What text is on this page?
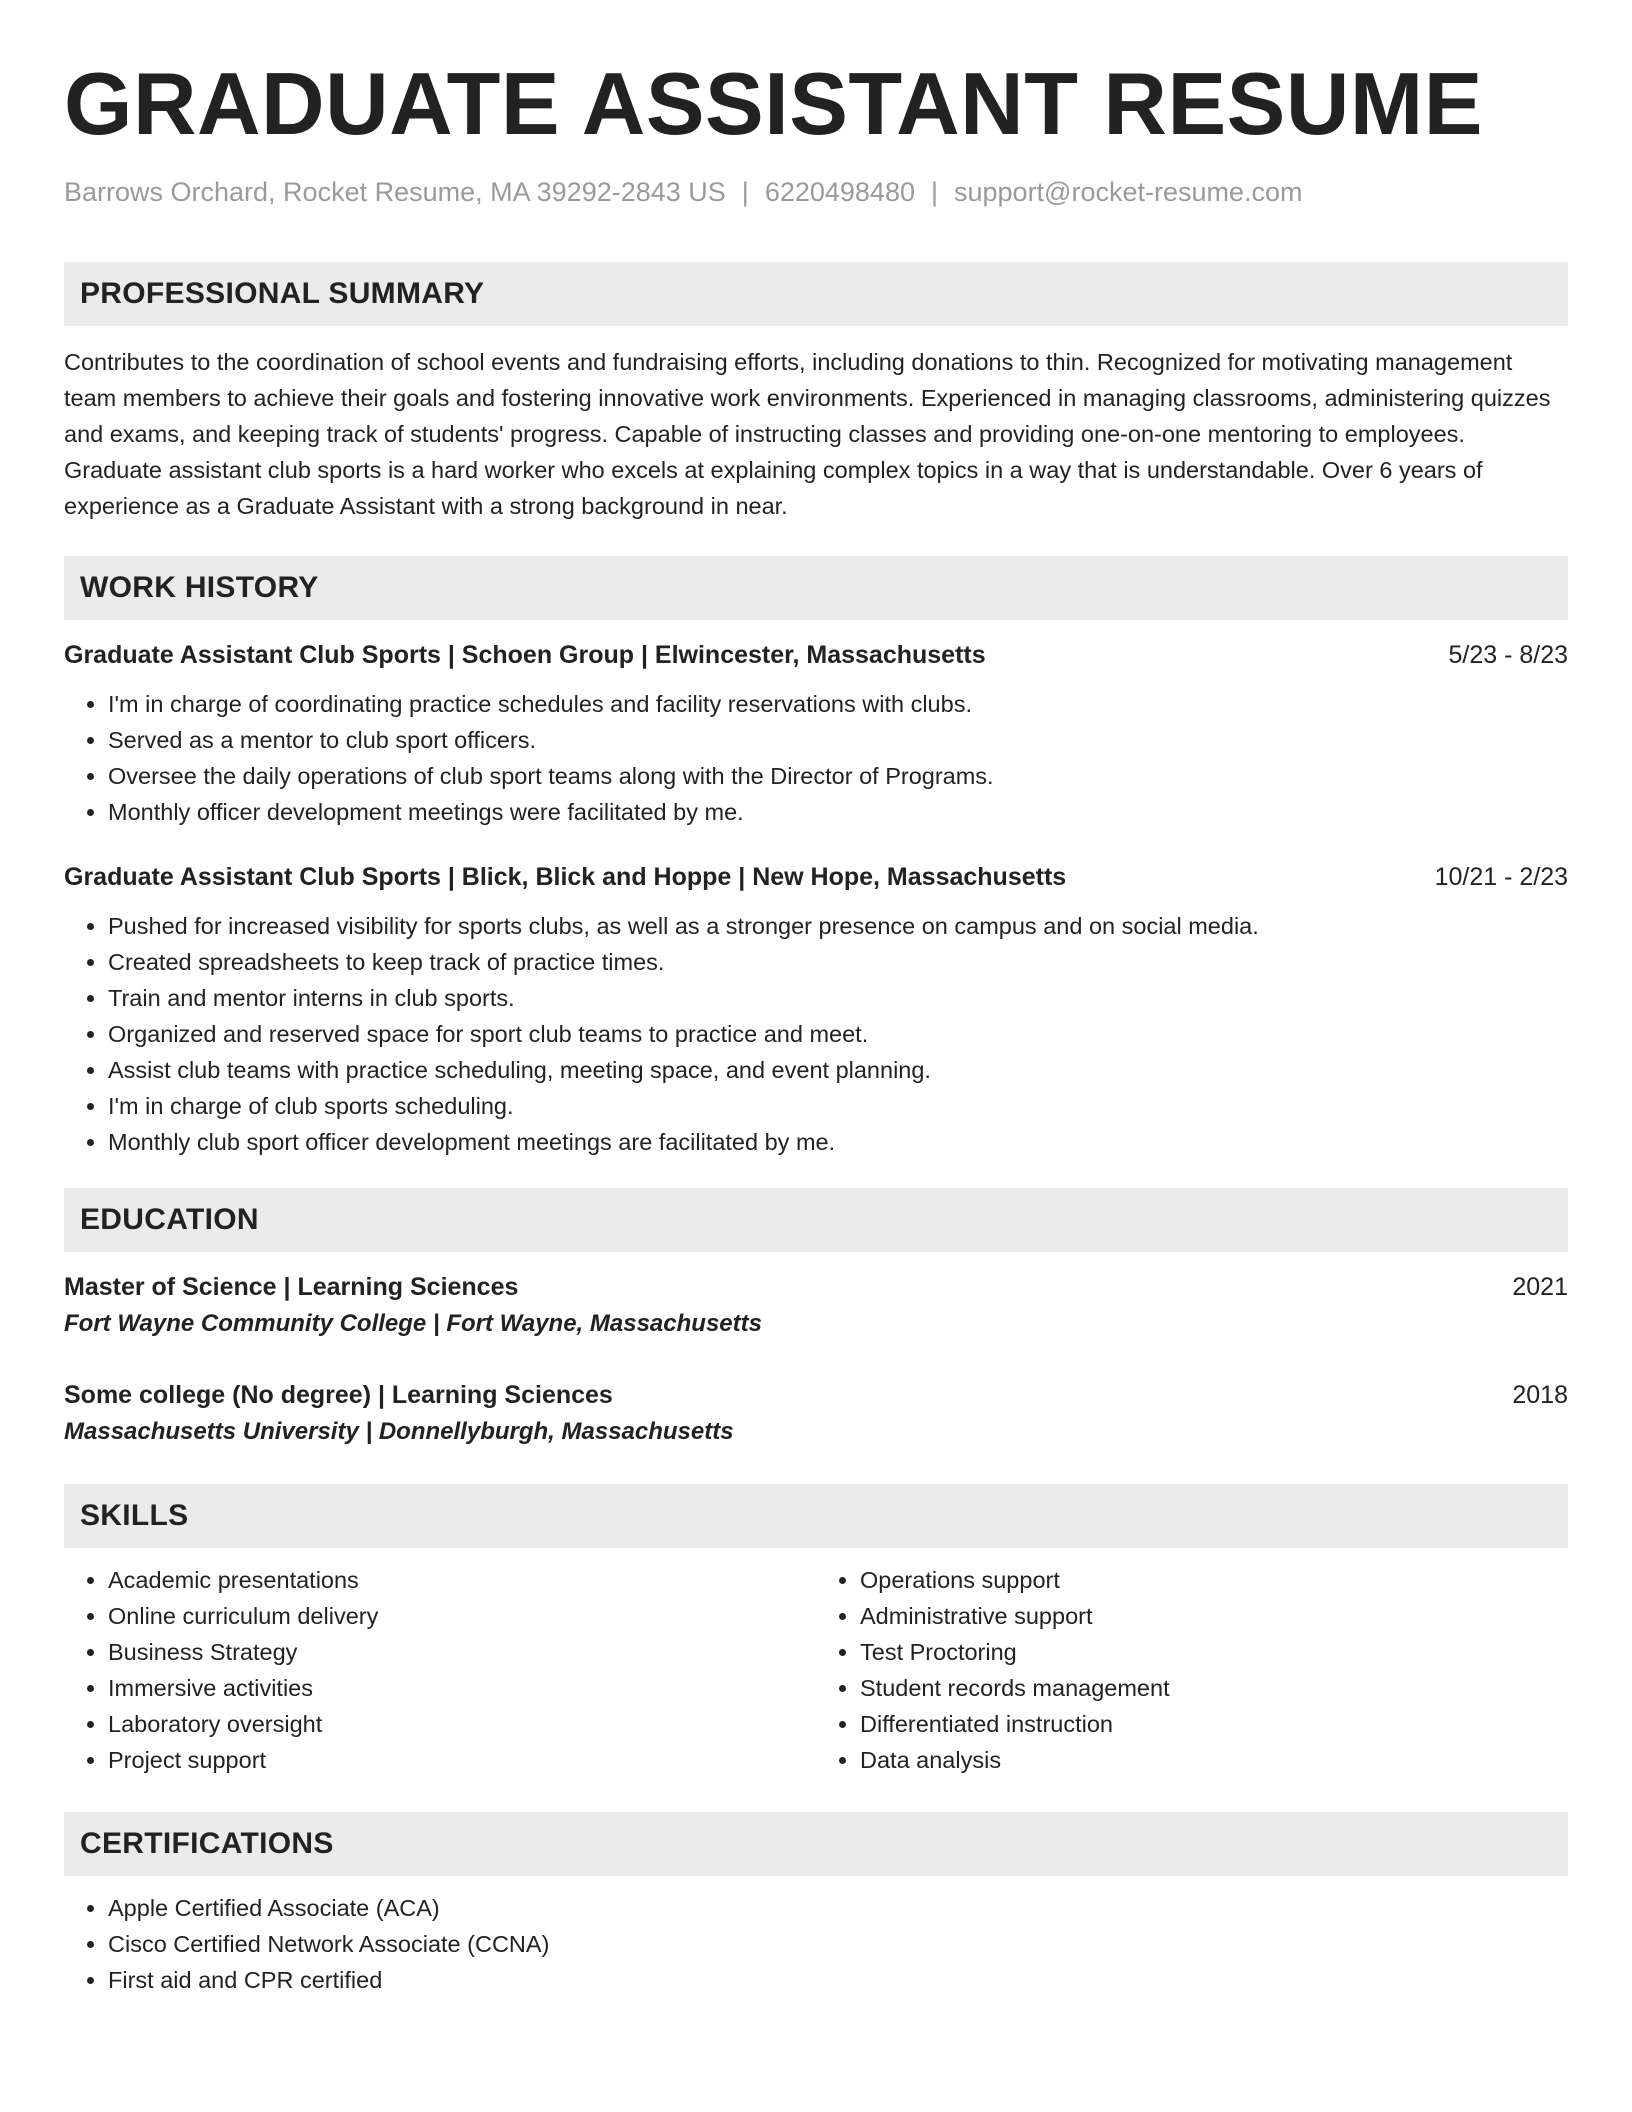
GRADUATE ASSISTANT RESUME
Barrows Orchard, Rocket Resume, MA 39292-2843 US | 6220498480 | support@rocket-resume.com
PROFESSIONAL SUMMARY
Contributes to the coordination of school events and fundraising efforts, including donations to thin. Recognized for motivating management team members to achieve their goals and fostering innovative work environments. Experienced in managing classrooms, administering quizzes and exams, and keeping track of students' progress. Capable of instructing classes and providing one-on-one mentoring to employees. Graduate assistant club sports is a hard worker who excels at explaining complex topics in a way that is understandable. Over 6 years of experience as a Graduate Assistant with a strong background in near.
WORK HISTORY
Graduate Assistant Club Sports | Schoen Group | Elwincester, Massachusetts	5/23 - 8/23
• I'm in charge of coordinating practice schedules and facility reservations with clubs.
• Served as a mentor to club sport officers.
• Oversee the daily operations of club sport teams along with the Director of Programs.
• Monthly officer development meetings were facilitated by me.
Graduate Assistant Club Sports | Blick, Blick and Hoppe | New Hope, Massachusetts	10/21 - 2/23
• Pushed for increased visibility for sports clubs, as well as a stronger presence on campus and on social media.
• Created spreadsheets to keep track of practice times.
• Train and mentor interns in club sports.
• Organized and reserved space for sport club teams to practice and meet.
• Assist club teams with practice scheduling, meeting space, and event planning.
• I'm in charge of club sports scheduling.
• Monthly club sport officer development meetings are facilitated by me.
EDUCATION
Master of Science | Learning Sciences	2021
Fort Wayne Community College | Fort Wayne, Massachusetts
Some college (No degree) | Learning Sciences	2018
Massachusetts University | Donnellyburgh, Massachusetts
SKILLS
• Academic presentations
• Online curriculum delivery
• Business Strategy
• Immersive activities
• Laboratory oversight
• Project support
• Operations support
• Administrative support
• Test Proctoring
• Student records management
• Differentiated instruction
• Data analysis
CERTIFICATIONS
• Apple Certified Associate (ACA)
• Cisco Certified Network Associate (CCNA)
• First aid and CPR certified
